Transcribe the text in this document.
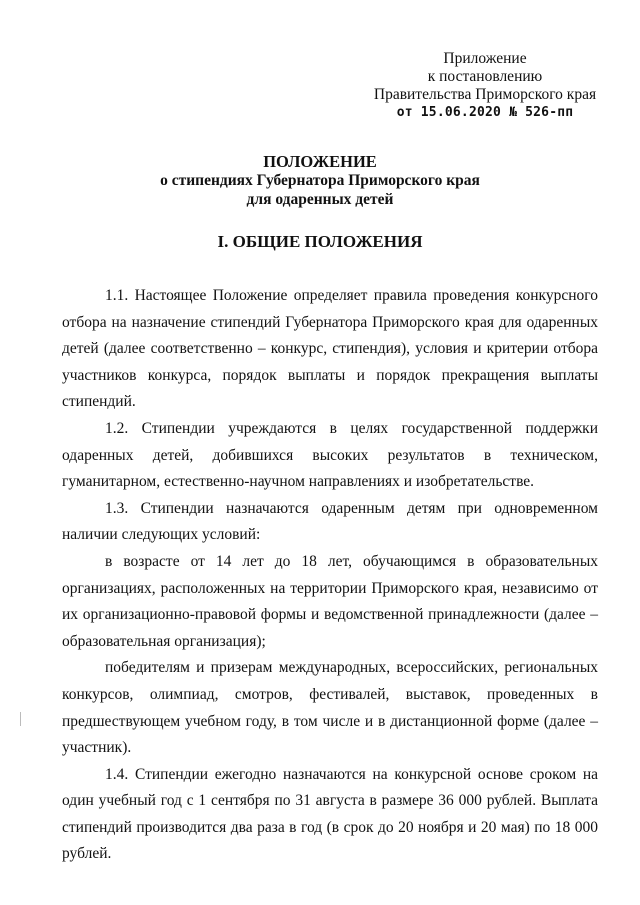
Приложение
к постановлению
Правительства Приморского края
от 15.06.2020 № 526-пп
ПОЛОЖЕНИЕ
о стипендиях Губернатора Приморского края
для одаренных детей
I. ОБЩИЕ ПОЛОЖЕНИЯ

1.1. Настоящее Положение определяет правила проведения конкурсного отбора на назначение стипендий Губернатора Приморского края для одаренных детей (далее соответственно – конкурс, стипендия), условия и критерии отбора участников конкурса, порядок выплаты и порядок прекращения выплаты стипендий.

1.2. Стипендии учреждаются в целях государственной поддержки одаренных детей, добившихся высоких результатов в техническом, гуманитарном, естественно-научном направлениях и изобретательстве.

1.3. Стипендии назначаются одаренным детям при одновременном наличии следующих условий:

в возрасте от 14 лет до 18 лет, обучающимся в образовательных организациях, расположенных на территории Приморского края, независимо от их организационно-правовой формы и ведомственной принадлежности (далее – образовательная организация);

победителям и призерам международных, всероссийских, региональных конкурсов, олимпиад, смотров, фестивалей, выставок, проведенных в предшествующем учебном году, в том числе и в дистанционной форме (далее – участник).

1.4. Стипендии ежегодно назначаются на конкурсной основе сроком на один учебный год с 1 сентября по 31 августа в размере 36 000 рублей. Выплата стипендий производится два раза в год (в срок до 20 ноября и 20 мая) по 18 000 рублей.
